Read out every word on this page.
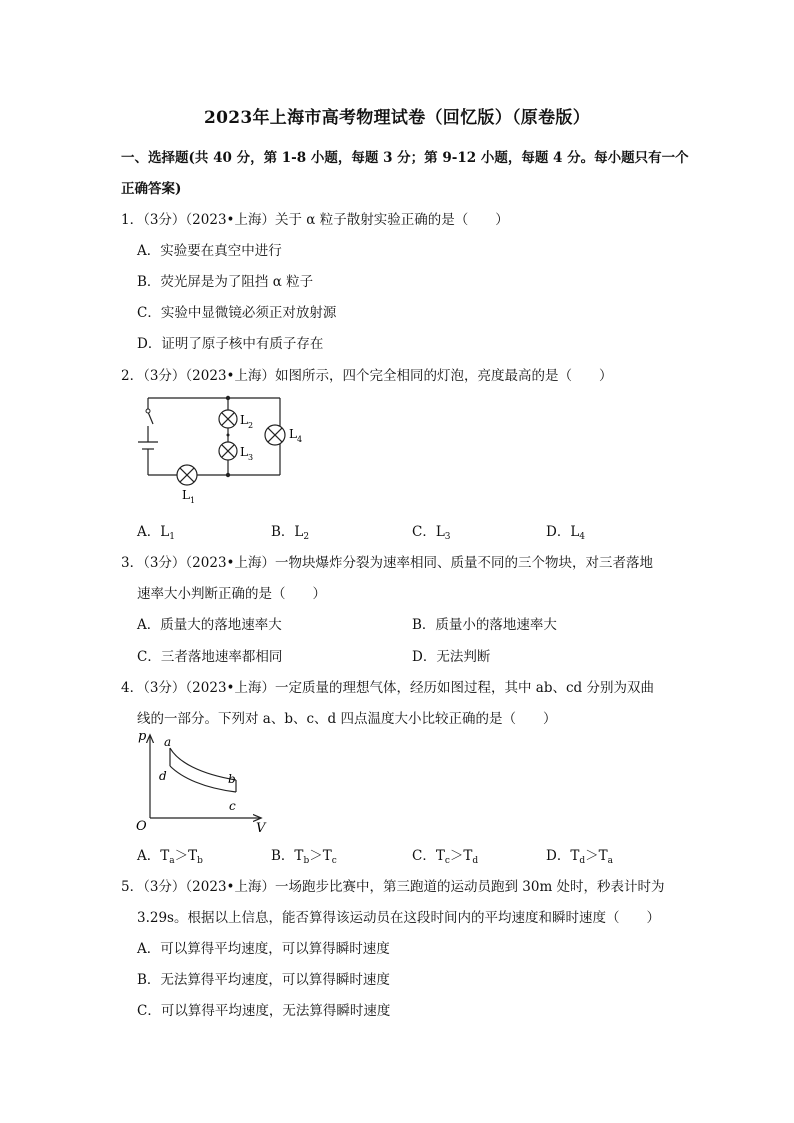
2023年上海市高考物理试卷（回忆版）（原卷版）
一、选择题(共 40 分，第 1-8 小题，每题 3 分；第 9-12 小题，每题 4 分。每小题只有一个
正确答案)
1．（3分）（2023•上海）关于 α 粒子散射实验正确的是（　　）
A．实验要在真空中进行
B．荧光屏是为了阻挡 α 粒子
C．实验中显微镜必须正对放射源
D．证明了原子核中有质子存在
2．（3分）（2023•上海）如图所示，四个完全相同的灯泡，亮度最高的是（　　）
$L_2$
$L_3$
$L_4$
$L_1$
A．$L_1$	B．$L_2$	C．$L_3$	D．$L_4$
3．（3分）（2023•上海）一物块爆炸分裂为速率相同、质量不同的三个物块，对三者落地
速率大小判断正确的是（　　）
A．质量大的落地速率大	B．质量小的落地速率大
C．三者落地速率都相同	D．无法判断
4．（3分）（2023•上海）一定质量的理想气体，经历如图过程，其中 ab、cd 分别为双曲
线的一部分。下列对 a、b、c、d 四点温度大小比较正确的是（　　）
p
V
O
a
b
c
d
A．$T_a>T_b$	B．$T_b>T_c$	C．$T_c>T_d$	D．$T_d>T_a$
5．（3分）（2023•上海）一场跑步比赛中，第三跑道的运动员跑到 30m 处时，秒表计时为
3.29s。根据以上信息，能否算得该运动员在这段时间内的平均速度和瞬时速度（　　）
A．可以算得平均速度，可以算得瞬时速度
B．无法算得平均速度，可以算得瞬时速度
C．可以算得平均速度，无法算得瞬时速度
